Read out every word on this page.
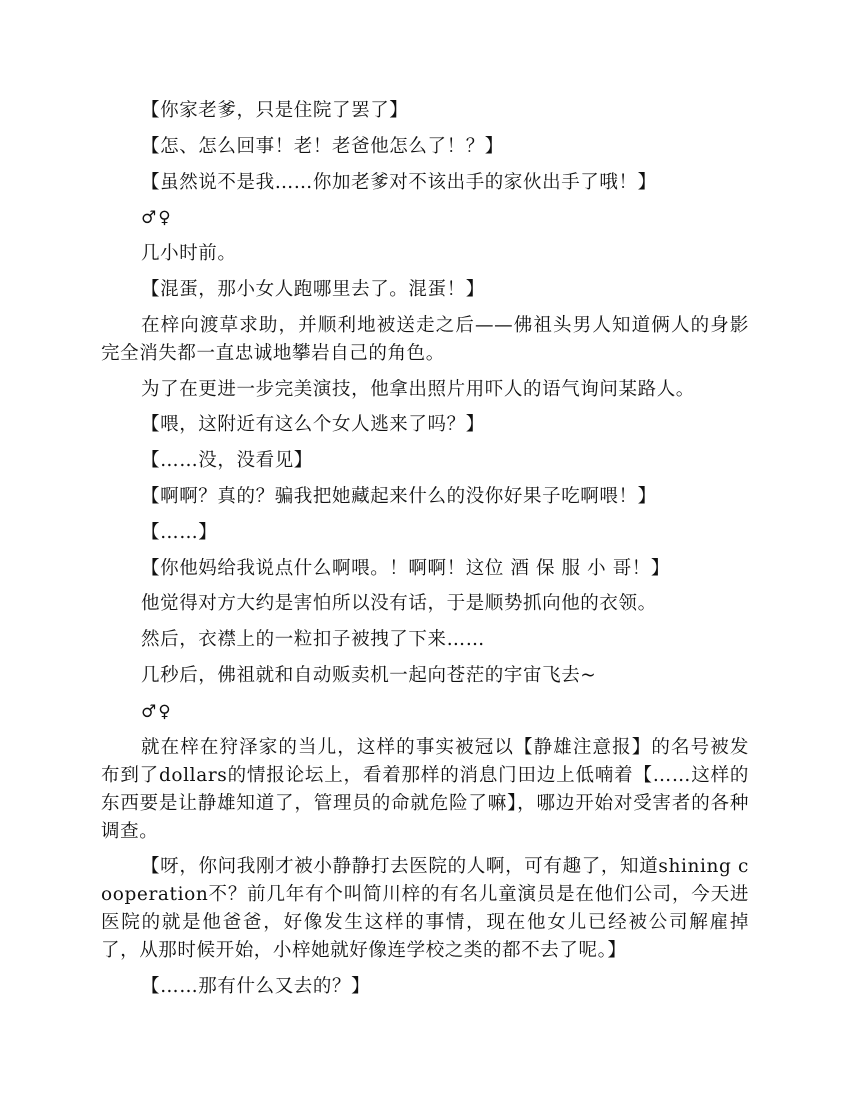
【你家老爹，只是住院了罢了】

【怎、怎么回事！老！老爸他怎么了！？】

【虽然说不是我……你加老爹对不该出手的家伙出手了哦！】

♂♀

几小时前。

【混蛋，那小女人跑哪里去了。混蛋！】

在梓向渡草求助，并顺利地被送走之后——佛祖头男人知道俩人的身影完全消失都一直忠诚地攀岩自己的角色。

为了在更进一步完美演技，他拿出照片用吓人的语气询问某路人。

【喂，这附近有这么个女人逃来了吗？】

【……没，没看见】

【啊啊？真的？骗我把她藏起来什么的没你好果子吃啊喂！】

【……】

【你他妈给我说点什么啊喂。！啊啊！这位 酒 保 服 小 哥！】

他觉得对方大约是害怕所以没有话，于是顺势抓向他的衣领。

然后，衣襟上的一粒扣子被拽了下来……

几秒后，佛祖就和自动贩卖机一起向苍茫的宇宙飞去~

♂♀

就在梓在狩泽家的当儿，这样的事实被冠以【静雄注意报】的名号被发布到了dollars的情报论坛上，看着那样的消息门田边上低喃着【……这样的东西要是让静雄知道了，管理员的命就危险了嘛】，哪边开始对受害者的各种调查。

【呀，你问我刚才被小静静打去医院的人啊，可有趣了，知道shining cooperation不？前几年有个叫简川梓的有名儿童演员是在他们公司，今天进医院的就是他爸爸，好像发生这样的事情，现在他女儿已经被公司解雇掉了，从那时候开始，小梓她就好像连学校之类的都不去了呢。】

【……那有什么又去的？】
